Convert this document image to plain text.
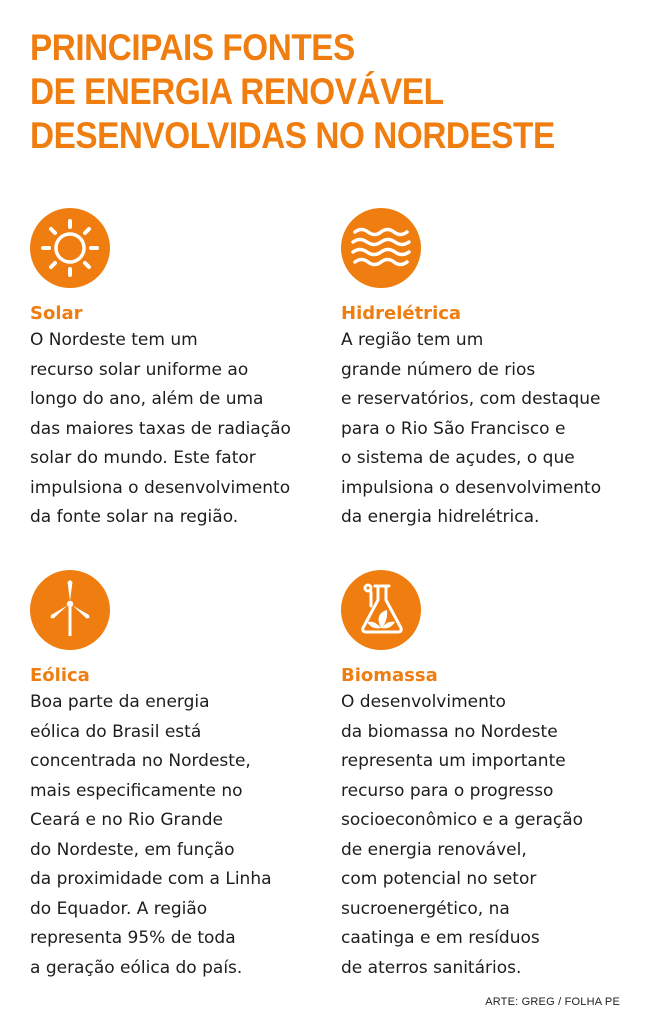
PRINCIPAIS FONTES
DE ENERGIA RENOVÁVEL
DESENVOLVIDAS NO NORDESTE
Solar
O Nordeste tem um
recurso solar uniforme ao
longo do ano, além de uma
das maiores taxas de radiação
solar do mundo. Este fator
impulsiona o desenvolvimento
da fonte solar na região.
Hidrelétrica
A região tem um
grande número de rios
e reservatórios, com destaque
para o Rio São Francisco e
o sistema de açudes, o que
impulsiona o desenvolvimento
da energia hidrelétrica.
Eólica
Boa parte da energia
eólica do Brasil está
concentrada no Nordeste,
mais especificamente no
Ceará e no Rio Grande
do Nordeste, em função
da proximidade com a Linha
do Equador. A região
representa 95% de toda
a geração eólica do país.
Biomassa
O desenvolvimento
da biomassa no Nordeste
representa um importante
recurso para o progresso
socioeconômico e a geração
de energia renovável,
com potencial no setor
sucroenergético, na
caatinga e em resíduos
de aterros sanitários.
ARTE: GREG / FOLHA PE
